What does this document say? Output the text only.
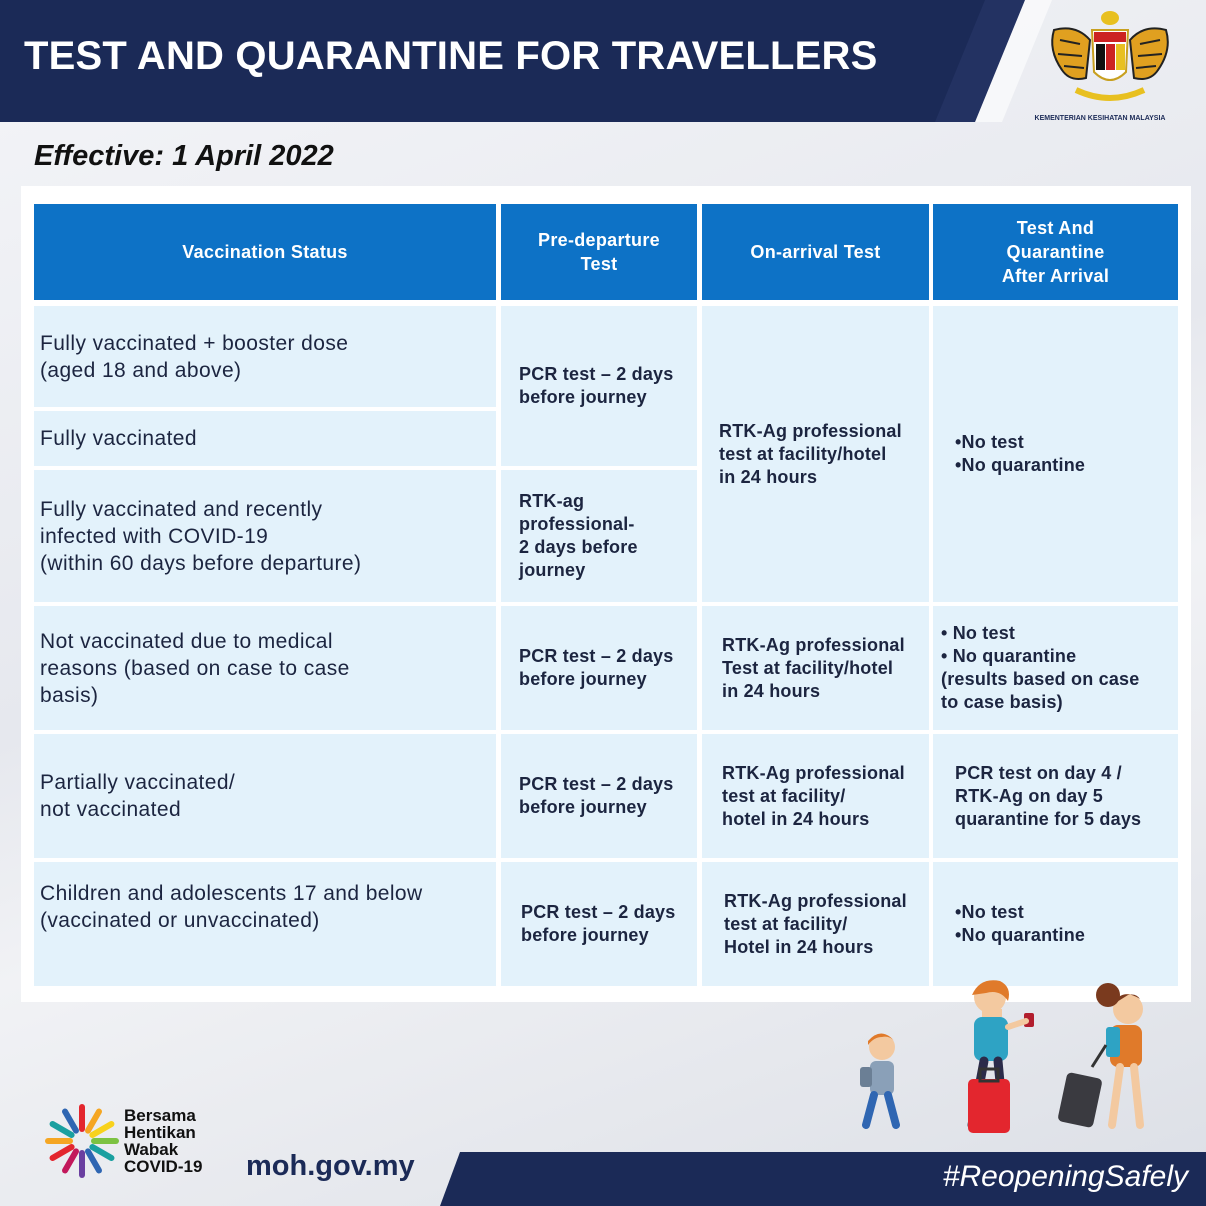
TEST AND QUARANTINE FOR TRAVELLERS
KEMENTERIAN KESIHATAN MALAYSIA
Effective: 1 April 2022
Vaccination Status
Pre-departure
Test
On-arrival Test
Test And
Quarantine
After Arrival
Fully vaccinated + booster dose
(aged 18 and above)
Fully vaccinated
Fully vaccinated and recently
infected with COVID-19
(within 60 days before departure)
Not vaccinated due to medical
reasons (based on case to case
basis)
Partially vaccinated/
not vaccinated
Children and adolescents 17 and below
(vaccinated or unvaccinated)
PCR test – 2 days
before journey
RTK-ag
professional-
2 days before
journey
PCR test – 2 days
before journey
PCR test – 2 days
before journey
PCR test – 2 days
before journey
RTK-Ag professional
test at facility/hotel
in 24 hours
RTK-Ag professional
Test at facility/hotel
in 24 hours
RTK-Ag professional
test at facility/
hotel in 24 hours
RTK-Ag professional
test at facility/
Hotel in 24 hours
•No test
•No quarantine
• No test
• No quarantine
(results based on case
to case basis)
PCR test on day 4 /
RTK-Ag on day 5
quarantine for 5 days
•No test
•No quarantine
#ReopeningSafely
Bersama
Hentikan
Wabak
COVID-19 moh.gov.my
